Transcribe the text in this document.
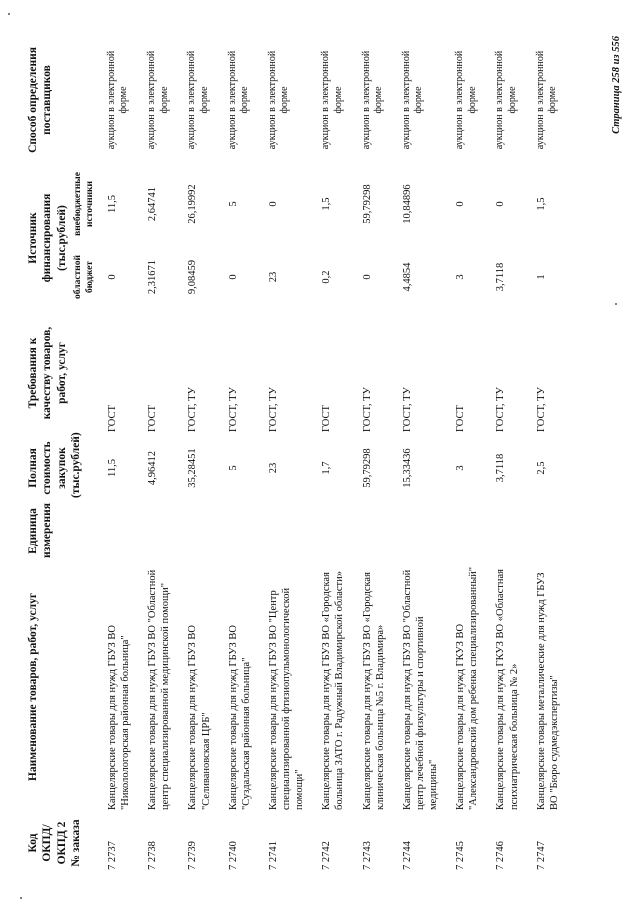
Код ОКПД/ ОКПД 2 № заказа	Наименование товаров, работ, услуг	Единица измерения	Полная стоимость закупок (тыс.рублей)	Требования к качеству товаров, работ, услуг	Источник финансирования (тыс.рублей)		Способ определения поставщиков
					областной бюджет	внебюджетные источники	
7 2737	Канцелярские товары для нужд ГБУЗ ВО "Николологорская районная больница"		11,5	ГОСТ	0	11,5	аукцион в электронной форме
7 2738	Канцелярские товары для нужд ГБУЗ ВО "Областной центр специализированной медицинской помощи"		4,96412	ГОСТ	2,31671	2,64741	аукцион в электронной форме
7 2739	Канцелярские товары для нужд ГБУЗ ВО "Селивановская ЦРБ"		35,28451	ГОСТ, ТУ	9,08459	26,19992	аукцион в электронной форме
7 2740	Канцелярские товары для нужд ГБУЗ ВО "Суздальская районная больница"		5	ГОСТ, ТУ	0	5	аукцион в электронной форме
7 2741	Канцелярские товары для нужд ГБУЗ ВО "Центр специализированной фтизиопульмонологической помощи"		23	ГОСТ, ТУ	23	0	аукцион в электронной форме
7 2742	Канцелярские товары для нужд ГБУЗ ВО «Городская больница ЗАТО г. Радужный Владимирской области»		1,7	ГОСТ	0,2	1,5	аукцион в электронной форме
7 2743	Канцелярские товары для нужд ГБУЗ ВО «Городская клиническая больница №5 г. Владимира»		59,79298	ГОСТ, ТУ	0	59,79298	аукцион в электронной форме
7 2744	Канцелярские товары для нужд ГБУЗ ВО "Областной центр лечебной физкультуры и спортивной медицины"		15,33436	ГОСТ, ТУ	4,4854	10,84896	аукцион в электронной форме
7 2745	Канцелярские товары для нужд ГКУЗ ВО "Александровский дом ребенка специализированный"		3	ГОСТ	3	0	аукцион в электронной форме
7 2746	Канцелярские товары для нужд ГКУЗ ВО «Областная психиатрическая больница № 2»		3,7118	ГОСТ, ТУ	3,7118	0	аукцион в электронной форме
7 2747	Канцелярские товары металлические для нужд ГБУЗ ВО "Бюро судмедэкспертизы"		2,5	ГОСТ, ТУ	1	1,5	аукцион в электронной форме	Страница 258 из 556
